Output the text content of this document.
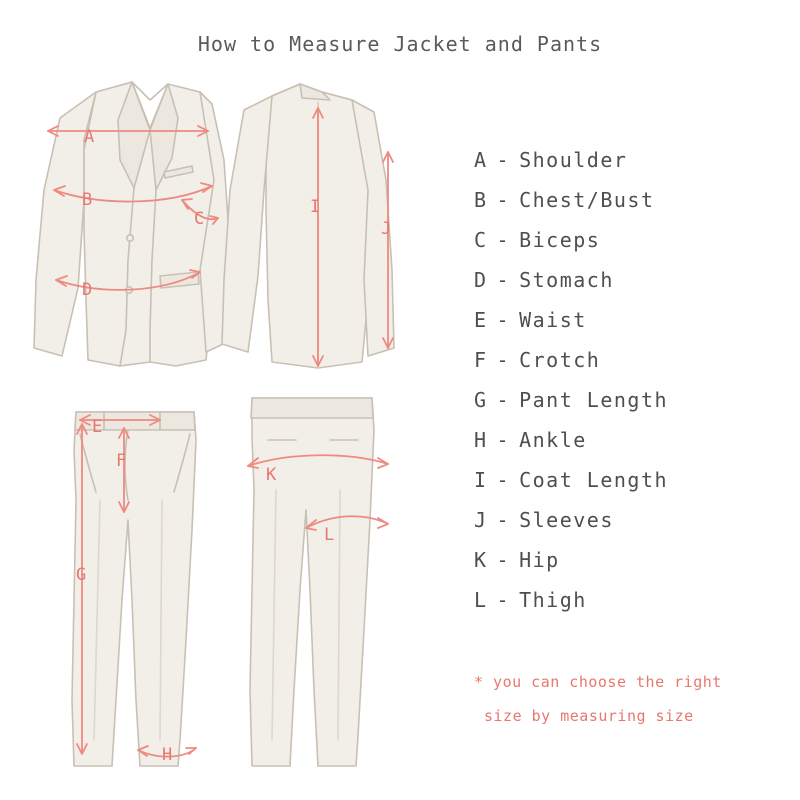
How to Measure Jacket and Pants
A
B
C
D
I
J
E
F
G
H
K
L
A - Shoulder
B - Chest/Bust
C - Biceps
D - Stomach
E - Waist
F - Crotch
G - Pant Length
H - Ankle
I - Coat Length
J - Sleeves
K - Hip
L - Thigh
* you can choose the right
size by measuring size
